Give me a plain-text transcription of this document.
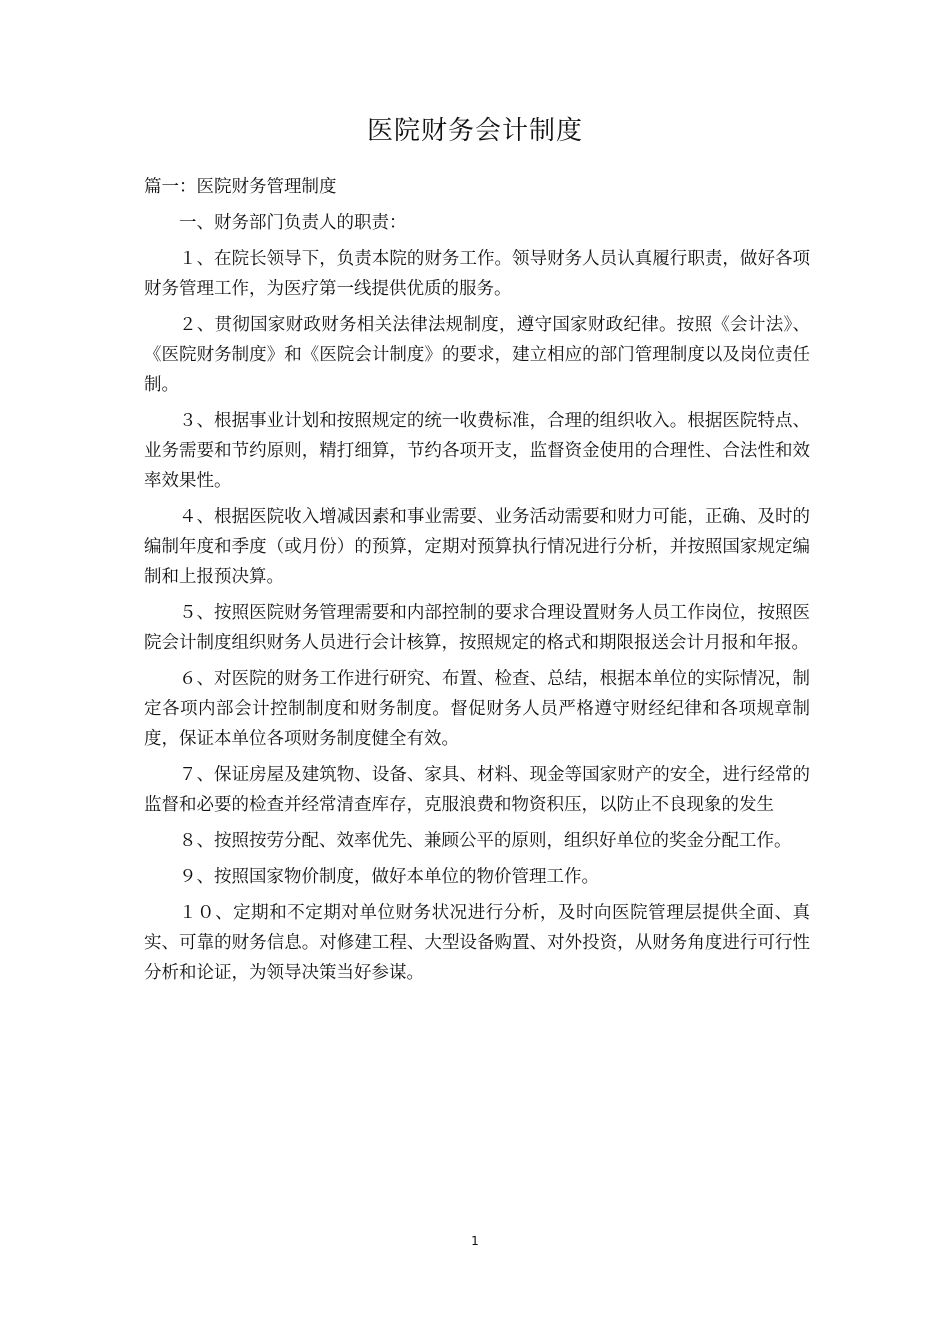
医院财务会计制度

篇一：医院财务管理制度

一、财务部门负责人的职责：

１、在院长领导下，负责本院的财务工作。领导财务人员认真履行职责，做好各项财务管理工作，为医疗第一线提供优质的服务。

２、贯彻国家财政财务相关法律法规制度，遵守国家财政纪律。按照《会计法》、《医院财务制度》和《医院会计制度》的要求，建立相应的部门管理制度以及岗位责任制。

３、根据事业计划和按照规定的统一收费标准，合理的组织收入。根据医院特点、业务需要和节约原则，精打细算，节约各项开支，监督资金使用的合理性、合法性和效率效果性。

４、根据医院收入增减因素和事业需要、业务活动需要和财力可能，正确、及时的编制年度和季度（或月份）的预算，定期对预算执行情况进行分析，并按照国家规定编制和上报预决算。

５、按照医院财务管理需要和内部控制的要求合理设置财务人员工作岗位，按照医院会计制度组织财务人员进行会计核算，按照规定的格式和期限报送会计月报和年报。

６、对医院的财务工作进行研究、布置、检查、总结，根据本单位的实际情况，制定各项内部会计控制制度和财务制度。督促财务人员严格遵守财经纪律和各项规章制度，保证本单位各项财务制度健全有效。

７、保证房屋及建筑物、设备、家具、材料、现金等国家财产的安全，进行经常的监督和必要的检查并经常清查库存，克服浪费和物资积压，以防止不良现象的发生

８、按照按劳分配、效率优先、兼顾公平的原则，组织好单位的奖金分配工作。

９、按照国家物价制度，做好本单位的物价管理工作。

１０、定期和不定期对单位财务状况进行分析，及时向医院管理层提供全面、真实、可靠的财务信息。对修建工程、大型设备购置、对外投资，从财务角度进行可行性分析和论证，为领导决策当好参谋。

1
